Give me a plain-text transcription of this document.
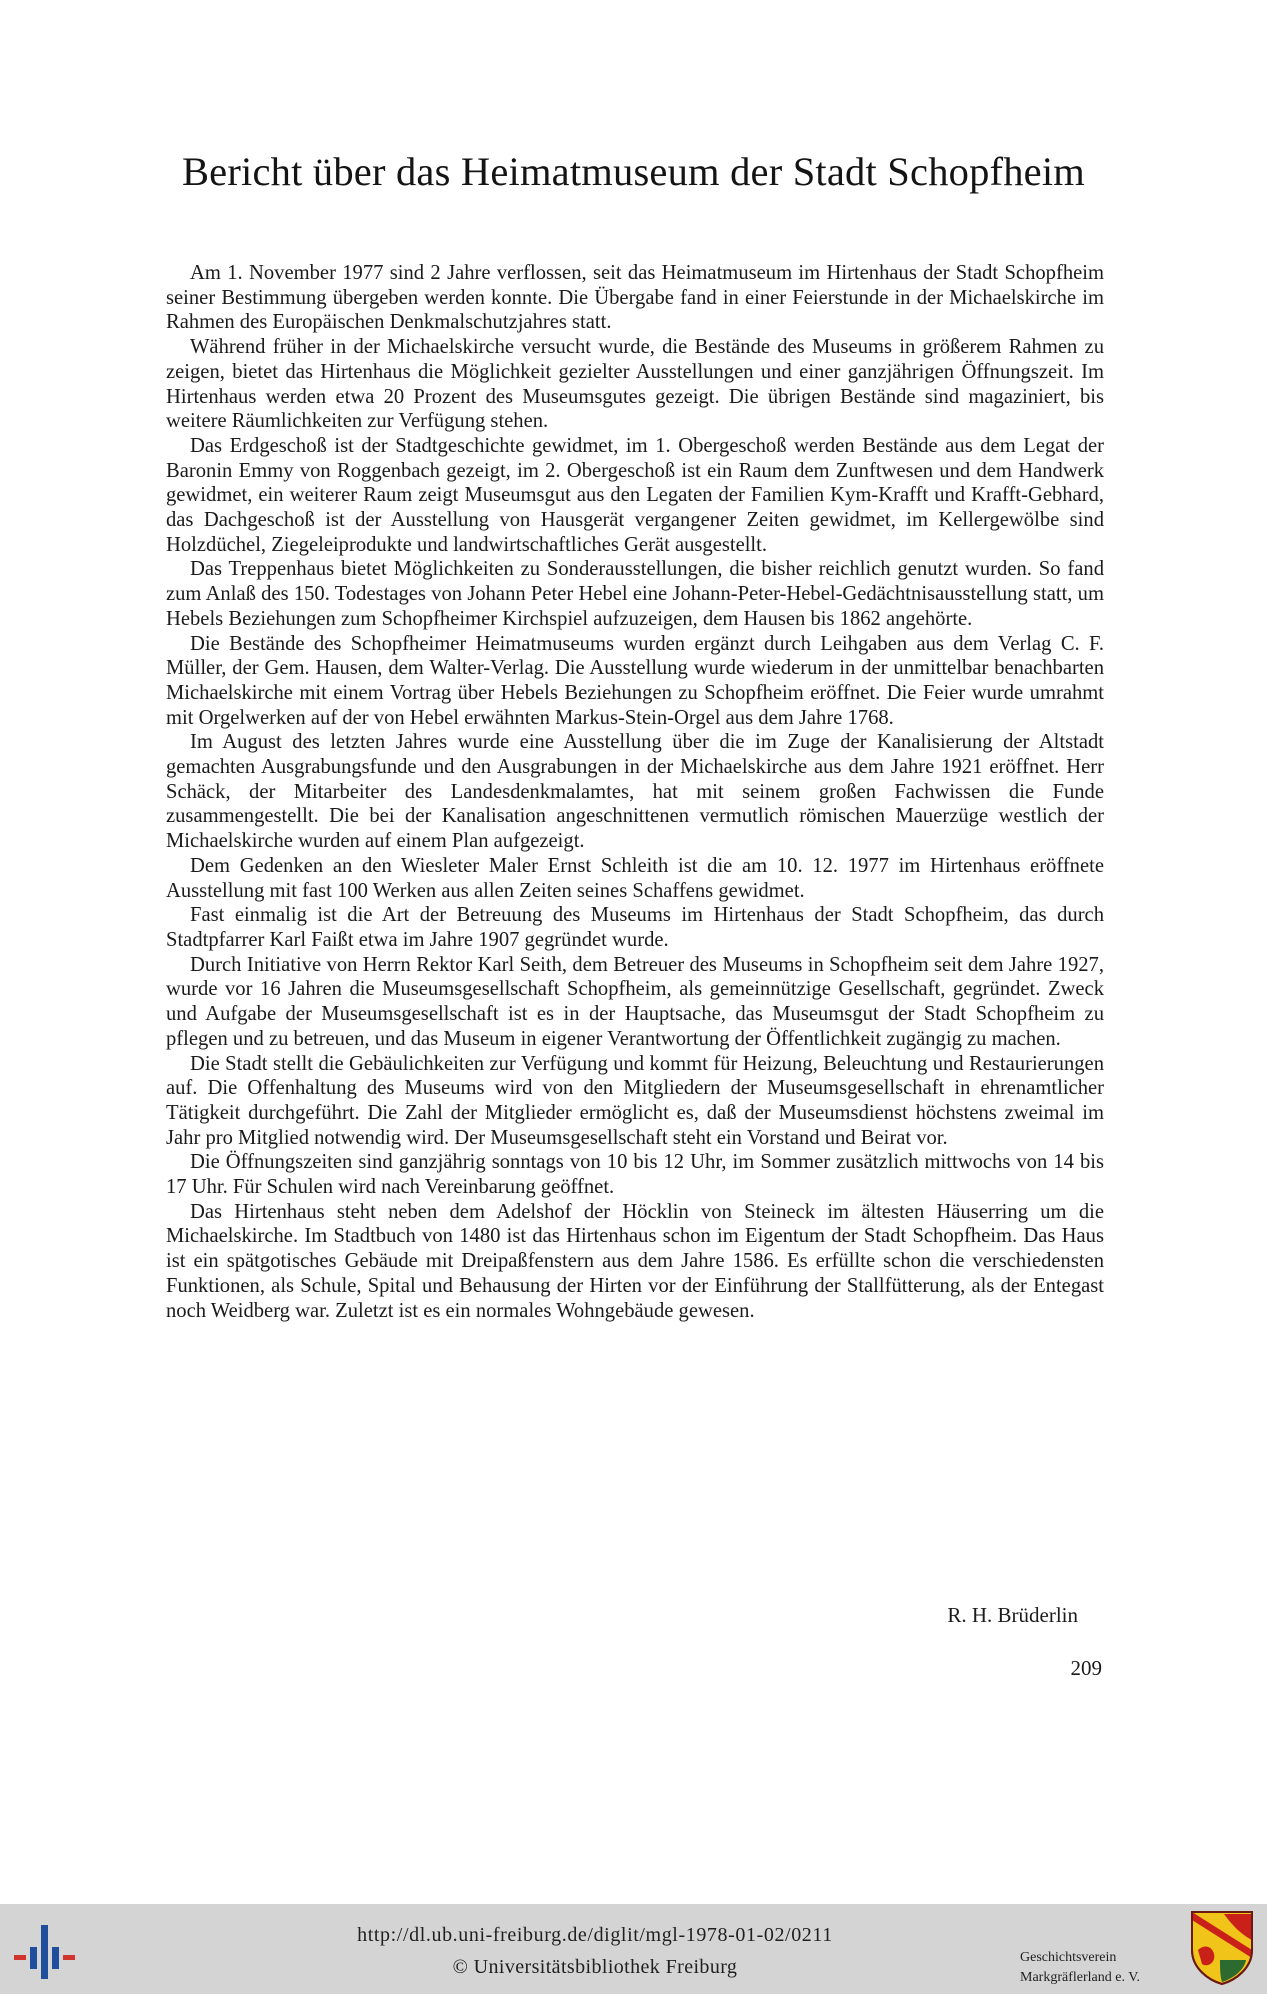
Bericht über das Heimatmuseum der Stadt Schopfheim

Am 1. November 1977 sind 2 Jahre verflossen, seit das Heimatmuseum im Hirtenhaus der Stadt Schopfheim seiner Bestimmung übergeben werden konnte. Die Übergabe fand in einer Feierstunde in der Michaelskirche im Rahmen des Europäischen Denkmalschutzjahres statt.

Während früher in der Michaelskirche versucht wurde, die Bestände des Museums in größerem Rahmen zu zeigen, bietet das Hirtenhaus die Möglichkeit gezielter Ausstellungen und einer ganzjährigen Öffnungszeit. Im Hirtenhaus werden etwa 20 Prozent des Museumsgutes gezeigt. Die übrigen Bestände sind magaziniert, bis weitere Räumlichkeiten zur Verfügung stehen.

Das Erdgeschoß ist der Stadtgeschichte gewidmet, im 1. Obergeschoß werden Bestände aus dem Legat der Baronin Emmy von Roggenbach gezeigt, im 2. Obergeschoß ist ein Raum dem Zunftwesen und dem Handwerk gewidmet, ein weiterer Raum zeigt Museumsgut aus den Legaten der Familien Kym-Krafft und Krafft-Gebhard, das Dachgeschoß ist der Ausstellung von Hausgerät vergangener Zeiten gewidmet, im Kellergewölbe sind Holzdüchel, Ziegeleiprodukte und landwirtschaftliches Gerät ausgestellt.

Das Treppenhaus bietet Möglichkeiten zu Sonderausstellungen, die bisher reichlich genutzt wurden. So fand zum Anlaß des 150. Todestages von Johann Peter Hebel eine Johann-Peter-Hebel-Gedächtnisausstellung statt, um Hebels Beziehungen zum Schopfheimer Kirchspiel aufzuzeigen, dem Hausen bis 1862 angehörte.

Die Bestände des Schopfheimer Heimatmuseums wurden ergänzt durch Leihgaben aus dem Verlag C. F. Müller, der Gem. Hausen, dem Walter-Verlag. Die Ausstellung wurde wiederum in der unmittelbar benachbarten Michaelskirche mit einem Vortrag über Hebels Beziehungen zu Schopfheim eröffnet. Die Feier wurde umrahmt mit Orgelwerken auf der von Hebel erwähnten Markus-Stein-Orgel aus dem Jahre 1768.

Im August des letzten Jahres wurde eine Ausstellung über die im Zuge der Kanalisierung der Altstadt gemachten Ausgrabungsfunde und den Ausgrabungen in der Michaelskirche aus dem Jahre 1921 eröffnet. Herr Schäck, der Mitarbeiter des Landesdenkmalamtes, hat mit seinem großen Fachwissen die Funde zusammengestellt. Die bei der Kanalisation angeschnittenen vermutlich römischen Mauerzüge westlich der Michaelskirche wurden auf einem Plan aufgezeigt.

Dem Gedenken an den Wiesleter Maler Ernst Schleith ist die am 10. 12. 1977 im Hirtenhaus eröffnete Ausstellung mit fast 100 Werken aus allen Zeiten seines Schaffens gewidmet.

Fast einmalig ist die Art der Betreuung des Museums im Hirtenhaus der Stadt Schopfheim, das durch Stadtpfarrer Karl Faißt etwa im Jahre 1907 gegründet wurde.

Durch Initiative von Herrn Rektor Karl Seith, dem Betreuer des Museums in Schopfheim seit dem Jahre 1927, wurde vor 16 Jahren die Museumsgesellschaft Schopfheim, als gemeinnützige Gesellschaft, gegründet. Zweck und Aufgabe der Museumsgesellschaft ist es in der Hauptsache, das Museumsgut der Stadt Schopfheim zu pflegen und zu betreuen, und das Museum in eigener Verantwortung der Öffentlichkeit zugängig zu machen.

Die Stadt stellt die Gebäulichkeiten zur Verfügung und kommt für Heizung, Beleuchtung und Restaurierungen auf. Die Offenhaltung des Museums wird von den Mitgliedern der Museumsgesellschaft in ehrenamtlicher Tätigkeit durchgeführt. Die Zahl der Mitglieder ermöglicht es, daß der Museumsdienst höchstens zweimal im Jahr pro Mitglied notwendig wird. Der Museumsgesellschaft steht ein Vorstand und Beirat vor.

Die Öffnungszeiten sind ganzjährig sonntags von 10 bis 12 Uhr, im Sommer zusätzlich mittwochs von 14 bis 17 Uhr. Für Schulen wird nach Vereinbarung geöffnet.

Das Hirtenhaus steht neben dem Adelshof der Höcklin von Steineck im ältesten Häuserring um die Michaelskirche. Im Stadtbuch von 1480 ist das Hirtenhaus schon im Eigentum der Stadt Schopfheim. Das Haus ist ein spätgotisches Gebäude mit Dreipaßfenstern aus dem Jahre 1586. Es erfüllte schon die verschiedensten Funktionen, als Schule, Spital und Behausung der Hirten vor der Einführung der Stallfütterung, als der Entegast noch Weidberg war. Zuletzt ist es ein normales Wohngebäude gewesen.

R. H. Brüderlin
209
http://dl.ub.uni-freiburg.de/diglit/mgl-1978-01-02/0211
© Universitätsbibliothek Freiburg	Geschichtsverein
Markgräflerland e. V.
